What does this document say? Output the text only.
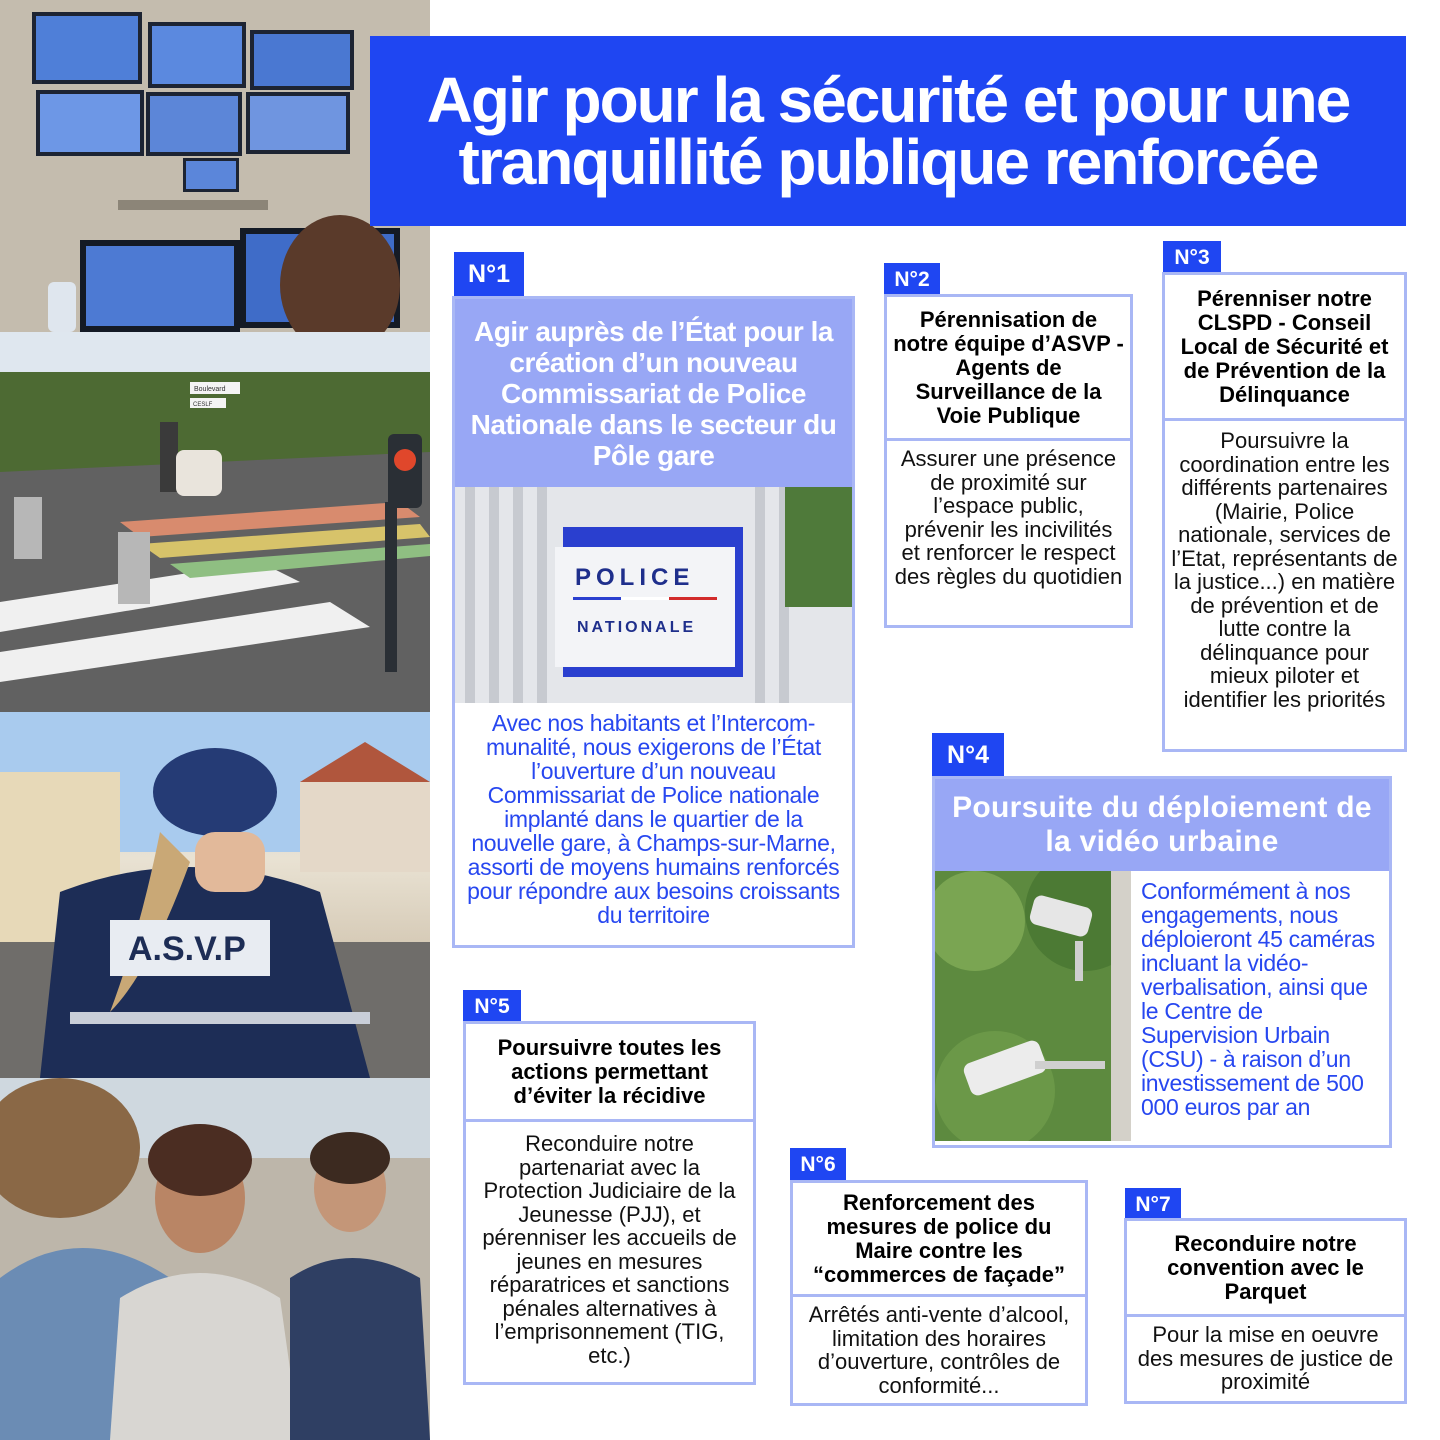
Boulevard
CESLF
A.S.V.P
Agir pour la sécurité et pour une tranquillité publique renforcée
N°1
Agir auprès de l’État pour la création d’un nouveau Commissariat de Police Nationale dans le secteur du Pôle gare
POLICE
NATIONALE
Avec nos habitants et l’Intercom-munalité, nous exigerons de l’État l’ouverture d’un nouveau Commissariat de Police nationale implanté dans le quartier de la nouvelle gare, à Champs-sur-Marne, assorti de moyens humains renforcés pour répondre aux besoins croissants du territoire
N°2
Pérennisation de notre équipe d’ASVP - Agents de Surveillance de la Voie Publique
Assurer une présence de proximité sur l’espace public, prévenir les incivilités et renforcer le respect des règles du quotidien
N°3
Pérenniser notre CLSPD - Conseil Local de Sécurité et de Prévention de la Délinquance
Poursuivre la coordination entre les différents partenaires (Mairie, Police nationale, services de l’Etat, représentants de la justice...) en matière de prévention et de lutte contre la délinquance pour mieux piloter et identifier les priorités
N°4
Poursuite du déploiement de la vidéo urbaine
Conformément à nos engagements, nous déploieront 45 caméras incluant la vidéo-verbalisation, ainsi que le Centre de Supervision Urbain (CSU) - à raison d’un investissement de 500 000 euros par an
N°5
Poursuivre toutes les actions permettant d’éviter la récidive
Reconduire notre partenariat avec la Protection Judiciaire de la Jeunesse (PJJ), et pérenniser les accueils de jeunes en mesures réparatrices et sanctions pénales alternatives à l’emprisonnement (TIG, etc.)
N°6
Renforcement des mesures de police du Maire contre les “commerces de façade”
Arrêtés anti-vente d’alcool, limitation des horaires d’ouverture, contrôles de conformité...
N°7
Reconduire notre convention avec le Parquet
Pour la mise en oeuvre des mesures de justice de proximité
